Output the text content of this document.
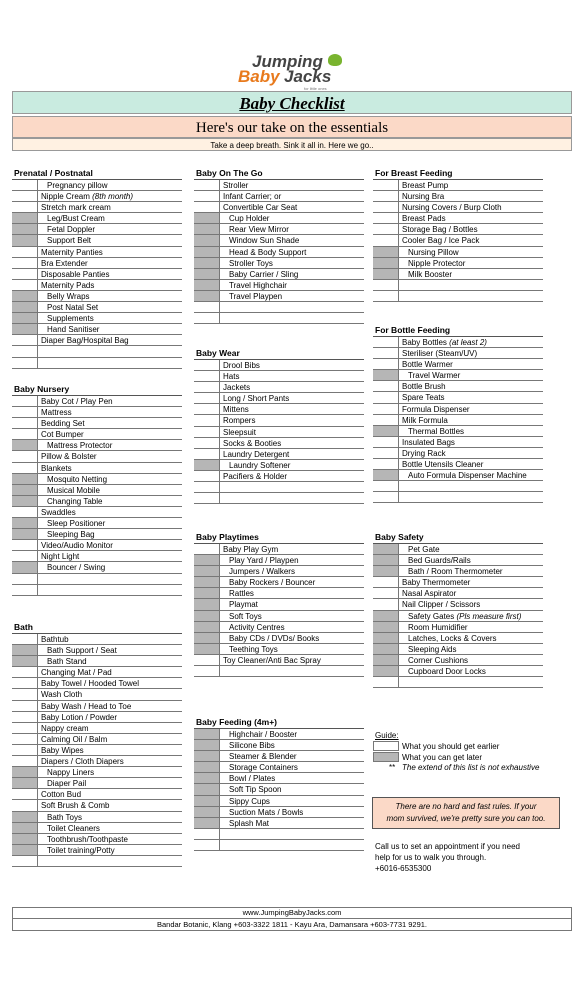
Jumping
Baby Jacks
for little ones
Baby Checklist
Here's our take on the essentials
Take a deep breath. Sink it all in. Here we go..
Prenatal / Postnatal
Pregnancy pillow
Nipple Cream (8th month)
Stretch mark cream
Leg/Bust Cream
Fetal Doppler
Support Belt
Maternity Panties
Bra Extender
Disposable Panties
Maternity Pads
Belly Wraps
Post Natal Set
Supplements
Hand Sanitiser
Diaper Bag/Hospital Bag
Baby Nursery
Baby Cot / Play Pen
Mattress
Bedding Set
Cot Bumper
Mattress Protector
Pillow & Bolster
Blankets
Mosquito Netting
Musical Mobile
Changing Table
Swaddles
Sleep Positioner
Sleeping Bag
Video/Audio Monitor
Night Light
Bouncer / Swing
Bath
Bathtub
Bath Support / Seat
Bath Stand
Changing Mat / Pad
Baby Towel / Hooded Towel
Wash Cloth
Baby Wash / Head to Toe
Baby Lotion / Powder
Nappy cream
Calming Oil / Balm
Baby Wipes
Diapers / Cloth Diapers
Nappy Liners
Diaper Pail
Cotton Bud
Soft Brush & Comb
Bath Toys
Toilet Cleaners
Toothbrush/Toothpaste
Toilet training/Potty
Baby On The Go
Stroller
Infant Carrier; or
Convertible Car Seat
Cup Holder
Rear View Mirror
Window Sun Shade
Head & Body Support
Stroller Toys
Baby Carrier / Sling
Travel Highchair
Travel Playpen
Baby Wear
Drool Bibs
Hats
Jackets
Long / Short Pants
Mittens
Rompers
Sleepsuit
Socks & Booties
Laundry Detergent
Laundry Softener
Pacifiers & Holder
Baby Playtimes
Baby Play Gym
Play Yard / Playpen
Jumpers / Walkers
Baby Rockers / Bouncer
Rattles
Playmat
Soft Toys
Activity Centres
Baby CDs / DVDs/ Books
Teething Toys
Toy Cleaner/Anti Bac Spray
Baby Feeding (4m+)
Highchair / Booster
Silicone Bibs
Steamer & Blender
Storage Containers
Bowl / Plates
Soft Tip Spoon
Sippy Cups
Suction Mats / Bowls
Splash Mat
For Breast Feeding
Breast Pump
Nursing Bra
Nursing Covers / Burp Cloth
Breast Pads
Storage Bag / Bottles
Cooler Bag / Ice Pack
Nursing Pillow
Nipple Protector
Milk Booster
For Bottle Feeding
Baby Bottles (at least 2)
Steriliser (Steam/UV)
Bottle Warmer
Travel Warmer
Bottle Brush
Spare Teats
Formula Dispenser
Milk Formula
Thermal Bottles
Insulated Bags
Drying Rack
Bottle Utensils Cleaner
Auto Formula Dispenser Machine
Baby Safety
Pet Gate
Bed Guards/Rails
Bath / Room Thermometer
Baby Thermometer
Nasal Aspirator
Nail Clipper / Scissors
Safety Gates (Pls measure first)
Room Humidifier
Latches, Locks & Covers
Sleeping Aids
Corner Cushions
Cupboard Door Locks
Guide:
What you should get earlier
What you can get later
** The extend of this list is not exhaustive
There are no hard and fast rules. If your
mom survived, we're pretty sure you can too.
Call us to set an appointment if you need
help for us to walk you through.
+6016-6535300
www.JumpingBabyJacks.com
Bandar Botanic, Klang +603-3322 1811 - Kayu Ara, Damansara +603-7731 9291.
